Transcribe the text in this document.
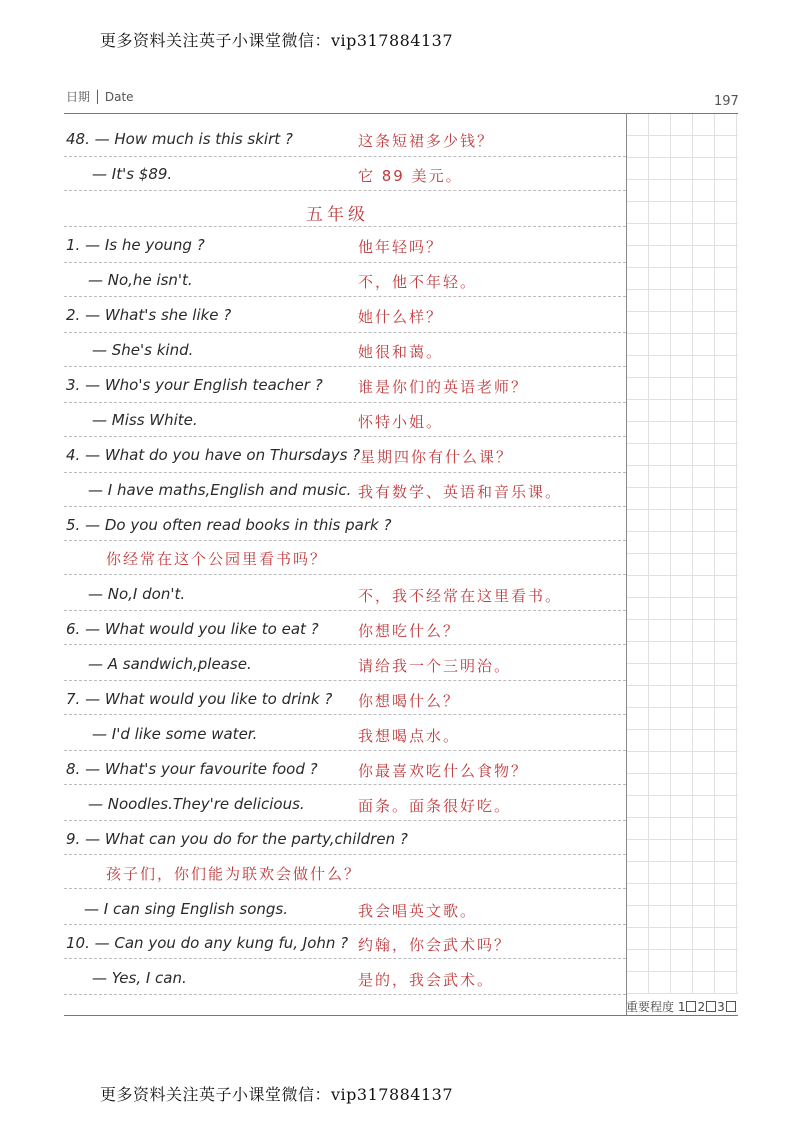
更多资料关注英子小课堂微信：vip317884137
日期 │ Date	197
五年级
48. — How much is this skirt ?	这条短裙多少钱？
— It's $89.	它 89 美元。
1. — Is he young ?	他年轻吗？
— No,he isn't.	不，他不年轻。
2. — What's she like ?	她什么样？
— She's kind.	她很和蔼。
3. — Who's your English teacher ? 谁是你们的英语老师？
— Miss White.	怀特小姐。
4. — What do you have on Thursdays ? 星期四你有什么课？
— I have maths,English and music. 我有数学、英语和音乐课。
5. — Do you often read books in this park ?
你经常在这个公园里看书吗？
— No,I don't.	不，我不经常在这里看书。
6. — What would you like to eat ?	你想吃什么？
— A sandwich,please.	请给我一个三明治。
7. — What would you like to drink ? 你想喝什么？
— I'd like some water.	我想喝点水。
8. — What's your favourite food ?	你最喜欢吃什么食物？
— Noodles.They're delicious.	面条。面条很好吃。
9. — What can you do for the party,children ?
孩子们，你们能为联欢会做什么？
— I can sing English songs.	我会唱英文歌。
10. — Can you do any kung fu, John ? 约翰，你会武术吗？
— Yes, I can.	是的，我会武术。
重要程度 1 2 3
更多资料关注英子小课堂微信：vip317884137
